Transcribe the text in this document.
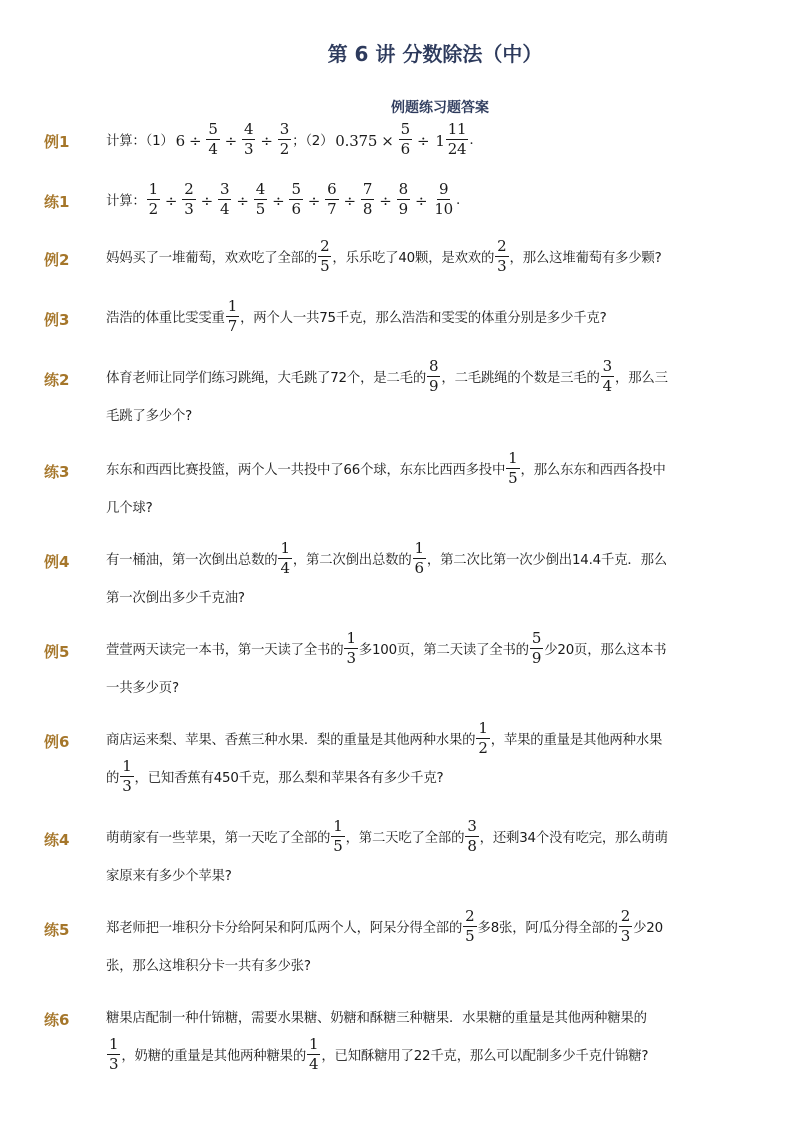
第 6 讲 分数除法（中）
例题练习题答案
例1	计算：（1） $6 \div \frac{5}{4} \div \frac{4}{3} \div \frac{3}{2}$ ；（2） $0.375 \times \frac{5}{6} \div 1 \frac{11}{24}$ .
练1	计算： $\frac{1}{2} \div \frac{2}{3} \div \frac{3}{4} \div \frac{4}{5} \div \frac{5}{6} \div \frac{6}{7} \div \frac{7}{8} \div \frac{8}{9} \div \frac{9}{10}$ .
例2	妈妈买了一堆葡萄，欢欢吃了全部的 $\frac{2}{5}$ ，乐乐吃了40颗，是欢欢的 $\frac{2}{3}$ ，那么这堆葡萄有多少颗?
例3	浩浩的体重比雯雯重 $\frac{1}{7}$ ，两个人一共75千克，那么浩浩和雯雯的体重分别是多少千克?
练2	体育老师让同学们练习跳绳，大毛跳了72个，是二毛的 $\frac{8}{9}$ ，二毛跳绳的个数是三毛的 $\frac{3}{4}$ ，那么三
毛跳了多少个?
练3	东东和西西比赛投篮，两个人一共投中了66个球，东东比西西多投中 $\frac{1}{5}$ ，那么东东和西西各投中
几个球?
例4	有一桶油，第一次倒出总数的 $\frac{1}{4}$ ，第二次倒出总数的 $\frac{1}{6}$ ，第二次比第一次少倒出14.4千克．那么
第一次倒出多少千克油?
例5	萱萱两天读完一本书，第一天读了全书的 $\frac{1}{3}$ 多100页，第二天读了全书的 $\frac{5}{9}$ 少20页，那么这本书
一共多少页?
例6	商店运来梨、苹果、香蕉三种水果．梨的重量是其他两种水果的 $\frac{1}{2}$ ，苹果的重量是其他两种水果
的 $\frac{1}{3}$ ，已知香蕉有450千克，那么梨和苹果各有多少千克?
练4	萌萌家有一些苹果，第一天吃了全部的 $\frac{1}{5}$ ，第二天吃了全部的 $\frac{3}{8}$ ，还剩34个没有吃完，那么萌萌
家原来有多少个苹果?
练5	郑老师把一堆积分卡分给阿呆和阿瓜两个人，阿呆分得全部的 $\frac{2}{5}$ 多8张，阿瓜分得全部的 $\frac{2}{3}$ 少20
张，那么这堆积分卡一共有多少张?
练6	糖果店配制一种什锦糖，需要水果糖、奶糖和酥糖三种糖果．水果糖的重量是其他两种糖果的
$\frac{1}{3}$ ，奶糖的重量是其他两种糖果的 $\frac{1}{4}$ ，已知酥糖用了22千克，那么可以配制多少千克什锦糖?
